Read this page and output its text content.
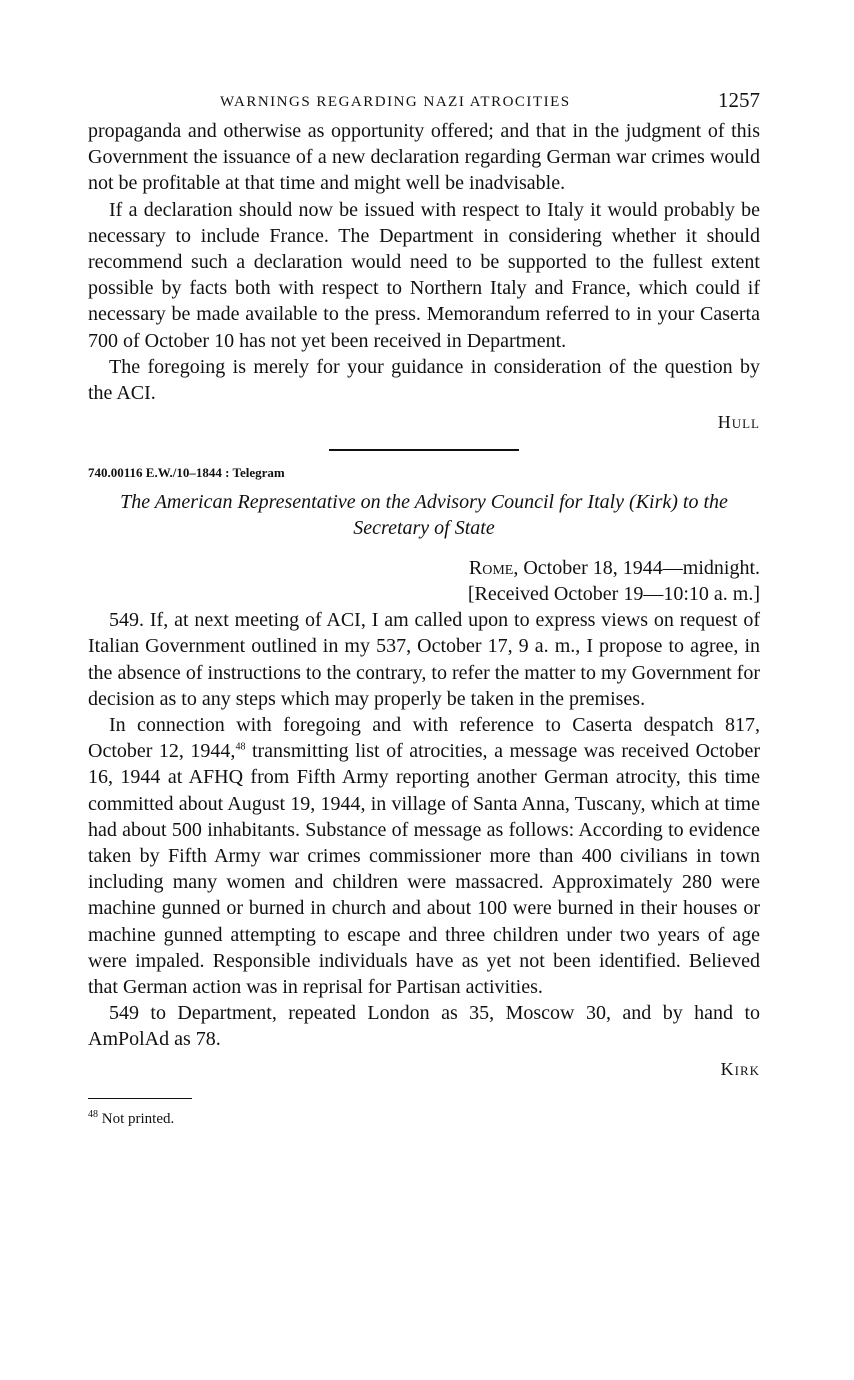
WARNINGS REGARDING NAZI ATROCITIES	1257

propaganda and otherwise as opportunity offered; and that in the judgment of this Government the issuance of a new declaration regarding German war crimes would not be profitable at that time and might well be inadvisable.

If a declaration should now be issued with respect to Italy it would probably be necessary to include France. The Department in considering whether it should recommend such a declaration would need to be supported to the fullest extent possible by facts both with respect to Northern Italy and France, which could if necessary be made available to the press. Memorandum referred to in your Caserta 700 of October 10 has not yet been received in Department.

The foregoing is merely for your guidance in consideration of the question by the ACI.

Hull
740.00116 E.W./10–1844 : Telegram
The American Representative on the Advisory Council for Italy (Kirk) to the Secretary of State
Rome, October 18, 1944—midnight.
[Received October 19—10:10 a. m.]

549. If, at next meeting of ACI, I am called upon to express views on request of Italian Government outlined in my 537, October 17, 9 a. m., I propose to agree, in the absence of instructions to the contrary, to refer the matter to my Government for decision as to any steps which may properly be taken in the premises.

In connection with foregoing and with reference to Caserta despatch 817, October 12, 1944,48 transmitting list of atrocities, a message was received October 16, 1944 at AFHQ from Fifth Army reporting another German atrocity, this time committed about August 19, 1944, in village of Santa Anna, Tuscany, which at time had about 500 inhabitants. Substance of message as follows: According to evidence taken by Fifth Army war crimes commissioner more than 400 civilians in town including many women and children were massacred. Approximately 280 were machine gunned or burned in church and about 100 were burned in their houses or machine gunned attempting to escape and three children under two years of age were impaled. Responsible individuals have as yet not been identified. Believed that German action was in reprisal for Partisan activities.

549 to Department, repeated London as 35, Moscow 30, and by hand to AmPolAd as 78.

Kirk
$^{48}$ Not printed.
